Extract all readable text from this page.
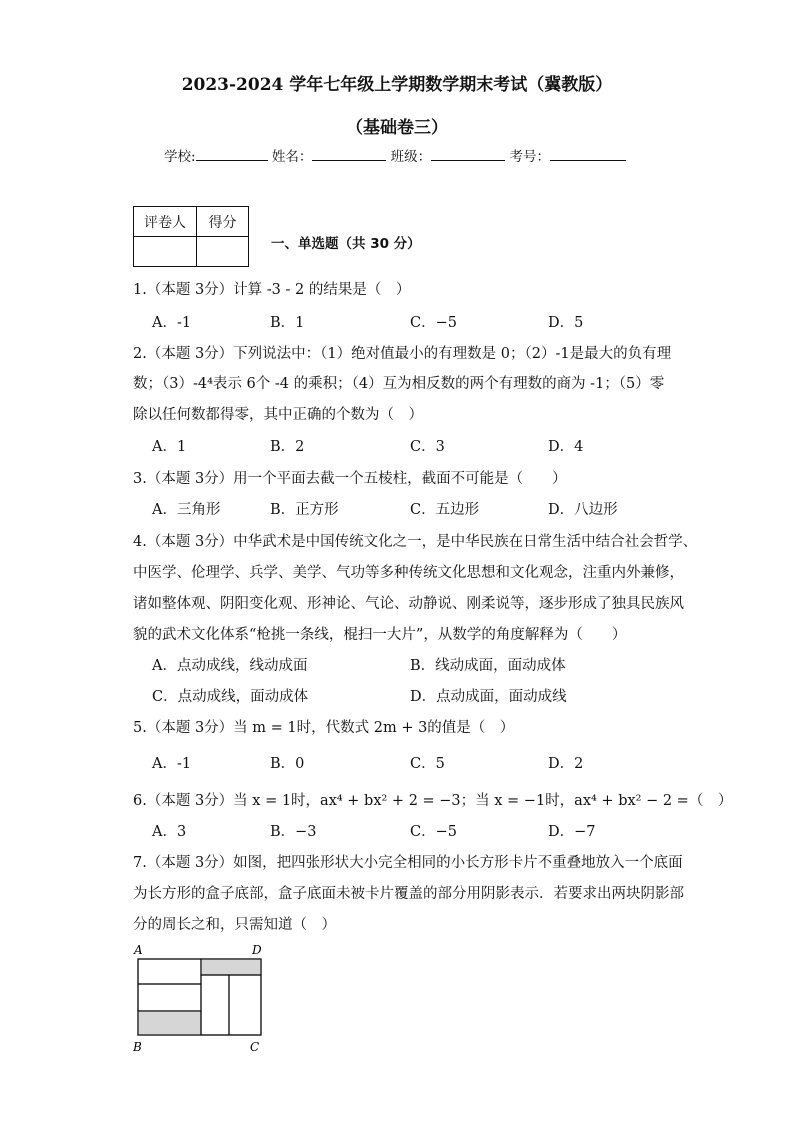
2023-2024 学年七年级上学期数学期末考试（冀教版）
（基础卷三）
学校:	姓名：	班级：	考号：
评卷人	得分

一、单选题（共 30 分）
1.（本题 3分）计算 -3 - 2 的结果是（　）
A．-1	B．1	C．−5	D．5
2.（本题 3分）下列说法中：（1）绝对值最小的有理数是 0；（2）-1是最大的负有理
数；（3）-4⁴表示 6个 -4 的乘积；（4）互为相反数的两个有理数的商为 -1；（5）零
除以任何数都得零，其中正确的个数为（　）
A．1	B．2	C．3	D．4
3.（本题 3分）用一个平面去截一个五棱柱，截面不可能是（　　）
A．三角形	B．正方形	C．五边形	D．八边形
4.（本题 3分）中华武术是中国传统文化之一，是中华民族在日常生活中结合社会哲学、
中医学、伦理学、兵学、美学、气功等多种传统文化思想和文化观念，注重内外兼修，
诸如整体观、阴阳变化观、形神论、气论、动静说、刚柔说等，逐步形成了独具民族风
貌的武术文化体系“枪挑一条线，棍扫一大片”，从数学的角度解释为（　　）
A．点动成线，线动成面	B．线动成面，面动成体
C．点动成线，面动成体	D．点动成面，面动成线
5.（本题 3分）当 m = 1时，代数式 2m + 3的值是（　）
A．-1	B．0	C．5	D．2
6.（本题 3分）当 x = 1时，ax⁴ + bx² + 2 = −3；当 x = −1时，ax⁴ + bx² − 2 =（　）
A．3	B．−3	C．−5	D．−7
7.（本题 3分）如图，把四张形状大小完全相同的小长方形卡片不重叠地放入一个底面
为长方形的盒子底部，盒子底面未被卡片覆盖的部分用阴影表示．若要求出两块阴影部
分的周长之和，只需知道（　）
A	D
B	C
